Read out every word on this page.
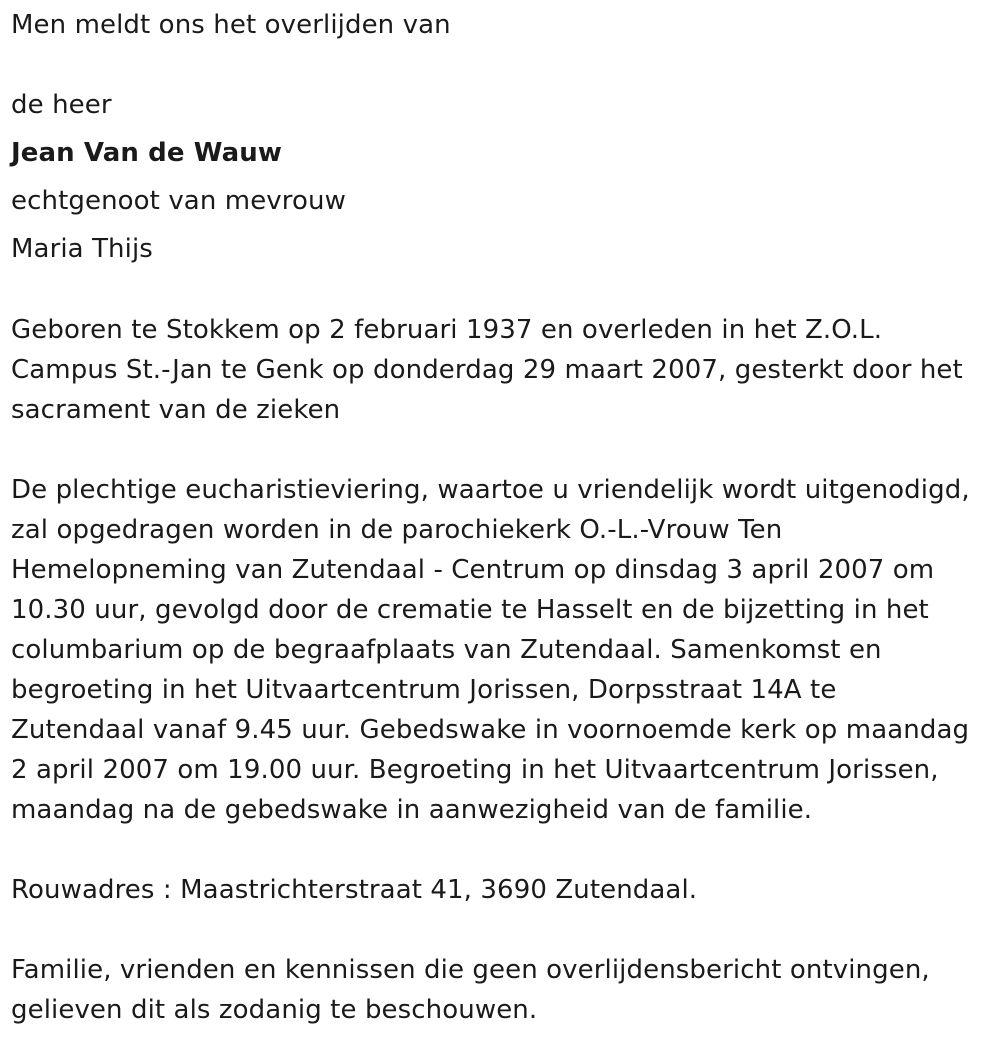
Men meldt ons het overlijden van
de heer
Jean Van de Wauw
echtgenoot van mevrouw
Maria Thijs
Geboren te Stokkem op 2 februari 1937 en overleden in het Z.O.L.
Campus St.-Jan te Genk op donderdag 29 maart 2007, gesterkt door het
sacrament van de zieken
De plechtige eucharistieviering, waartoe u vriendelijk wordt uitgenodigd,
zal opgedragen worden in de parochiekerk O.-L.-Vrouw Ten
Hemelopneming van Zutendaal - Centrum op dinsdag 3 april 2007 om
10.30 uur, gevolgd door de crematie te Hasselt en de bijzetting in het
columbarium op de begraafplaats van Zutendaal. Samenkomst en
begroeting in het Uitvaartcentrum Jorissen, Dorpsstraat 14A te
Zutendaal vanaf 9.45 uur. Gebedswake in voornoemde kerk op maandag
2 april 2007 om 19.00 uur. Begroeting in het Uitvaartcentrum Jorissen,
maandag na de gebedswake in aanwezigheid van de familie.
Rouwadres : Maastrichterstraat 41, 3690 Zutendaal.
Familie, vrienden en kennissen die geen overlijdensbericht ontvingen,
gelieven dit als zodanig te beschouwen.
